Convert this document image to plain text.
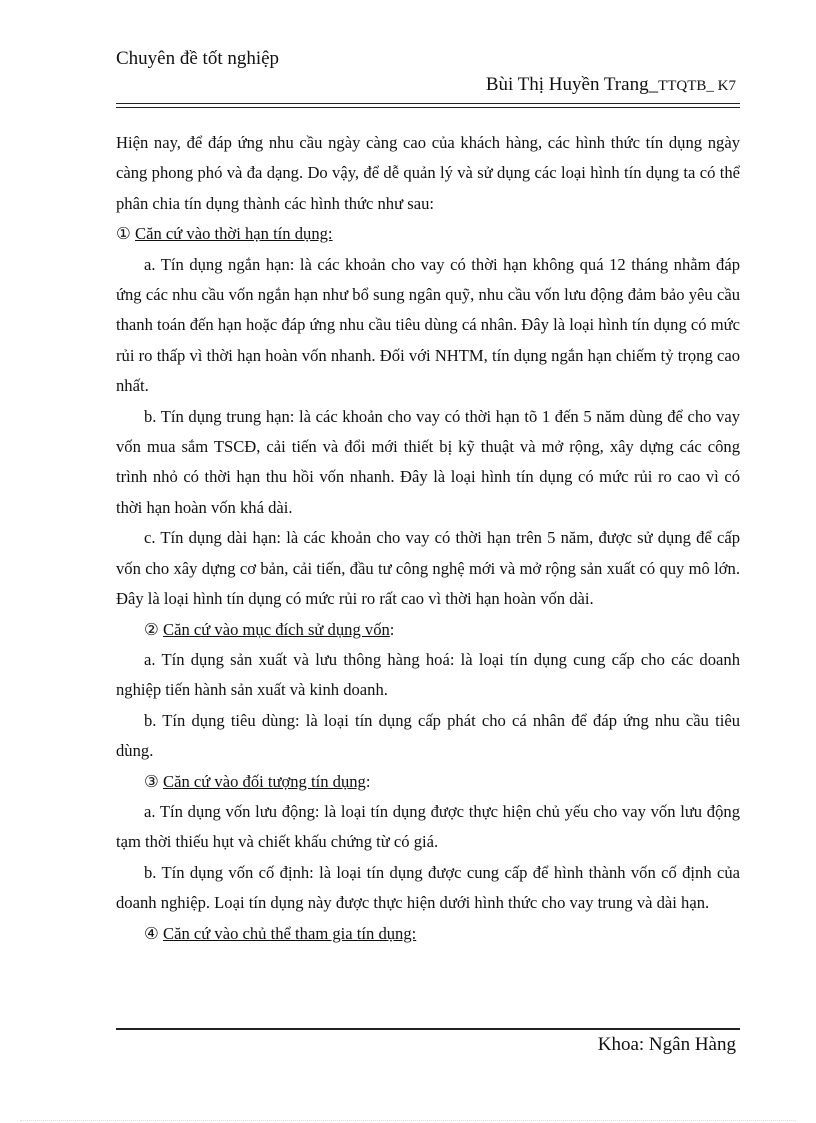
Chuyên đề tốt nghiệp
Bùi Thị Huyền Trang_TTQTB_ K7

Hiện nay, để đáp ứng nhu cầu ngày càng cao của khách hàng, các hình thức tín dụng ngày càng phong phó và đa dạng. Do vậy, để dễ quản lý và sử dụng các loại hình tín dụng ta có thể phân chia tín dụng thành các hình thức như sau:

① Căn cứ vào thời hạn tín dụng:

a. Tín dụng ngắn hạn: là các khoản cho vay có thời hạn không quá 12 tháng nhằm đáp ứng các nhu cầu vốn ngắn hạn như bổ sung ngân quỹ, nhu cầu vốn lưu động đảm bảo yêu cầu thanh toán đến hạn hoặc đáp ứng nhu cầu tiêu dùng cá nhân. Đây là loại hình tín dụng có mức rủi ro thấp vì thời hạn hoàn vốn nhanh. Đối với NHTM, tín dụng ngắn hạn chiếm tỷ trọng cao nhất.

b. Tín dụng trung hạn: là các khoản cho vay có thời hạn tõ 1 đến 5 năm dùng để cho vay vốn mua sắm TSCĐ, cải tiến và đổi mới thiết bị kỹ thuật và mở rộng, xây dựng các công trình nhỏ có thời hạn thu hồi vốn nhanh. Đây là loại hình tín dụng có mức rủi ro cao vì có thời hạn hoàn vốn khá dài.

c. Tín dụng dài hạn: là các khoản cho vay có thời hạn trên 5 năm, được sử dụng để cấp vốn cho xây dựng cơ bản, cải tiến, đầu tư công nghệ mới và mở rộng sản xuất có quy mô lớn. Đây là loại hình tín dụng có mức rủi ro rất cao vì thời hạn hoàn vốn dài.

② Căn cứ vào mục đích sử dụng vốn:

a. Tín dụng sản xuất và lưu thông hàng hoá: là loại tín dụng cung cấp cho các doanh nghiệp tiến hành sản xuất và kinh doanh.

b. Tín dụng tiêu dùng: là loại tín dụng cấp phát cho cá nhân để đáp ứng nhu cầu tiêu dùng.

③ Căn cứ vào đối tượng tín dụng:

a. Tín dụng vốn lưu động: là loại tín dụng được thực hiện chủ yếu cho vay vốn lưu động tạm thời thiếu hụt và chiết khấu chứng từ có giá.

b. Tín dụng vốn cố định: là loại tín dụng được cung cấp để hình thành vốn cố định của doanh nghiệp. Loại tín dụng này được thực hiện dưới hình thức cho vay trung và dài hạn.

④ Căn cứ vào chủ thể tham gia tín dụng:

Khoa: Ngân Hàng
